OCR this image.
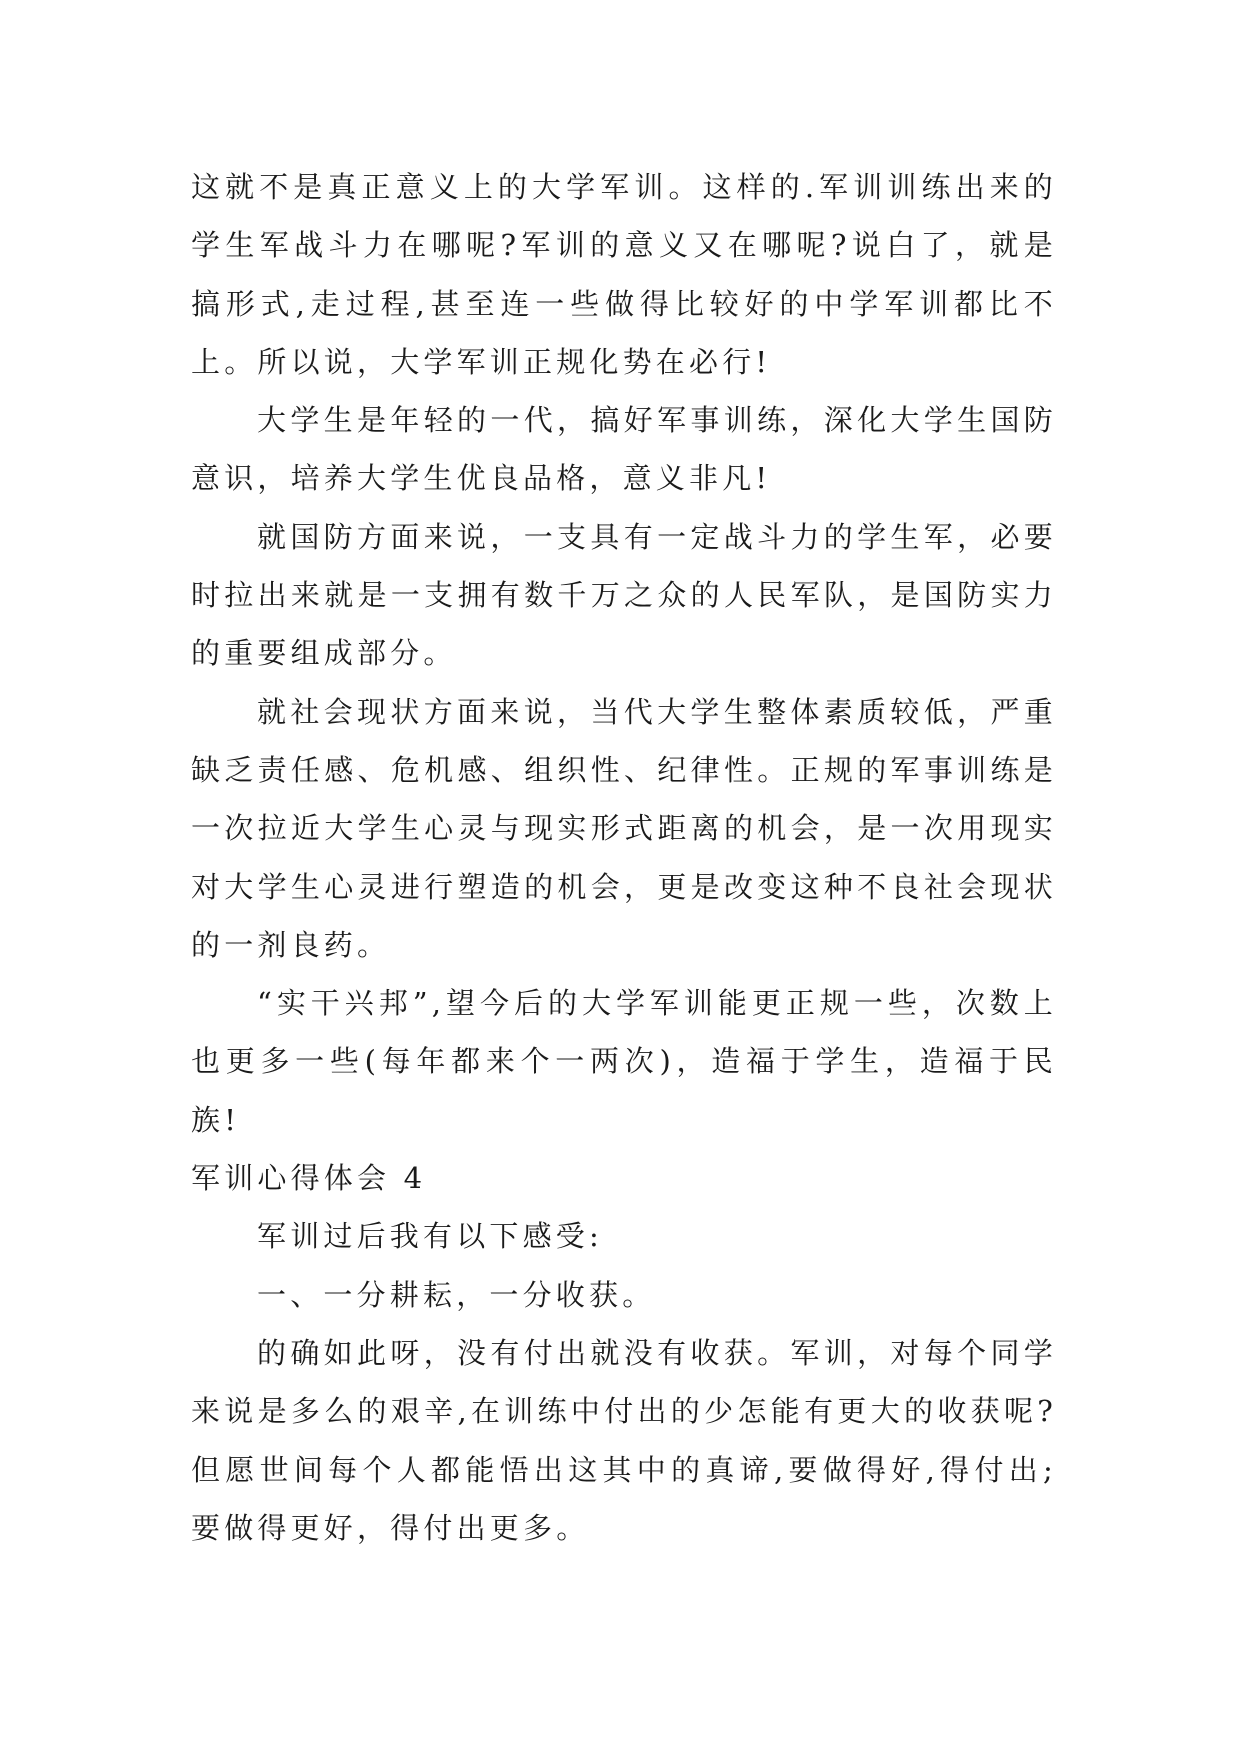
这就不是真正意义上的大学军训。这样的.军训训练出来的学生军战斗力在哪呢?军训的意义又在哪呢?说白了，就是搞形式,走过程,甚至连一些做得比较好的中学军训都比不上。所以说，大学军训正规化势在必行!

大学生是年轻的一代，搞好军事训练，深化大学生国防意识，培养大学生优良品格，意义非凡!

就国防方面来说，一支具有一定战斗力的学生军，必要时拉出来就是一支拥有数千万之众的人民军队，是国防实力的重要组成部分。

就社会现状方面来说，当代大学生整体素质较低，严重缺乏责任感、危机感、组织性、纪律性。正规的军事训练是一次拉近大学生心灵与现实形式距离的机会，是一次用现实对大学生心灵进行塑造的机会，更是改变这种不良社会现状的一剂良药。

“实干兴邦”,望今后的大学军训能更正规一些，次数上也更多一些(每年都来个一两次)，造福于学生，造福于民族!

军训心得体会 4

军训过后我有以下感受:

一、一分耕耘，一分收获。

的确如此呀，没有付出就没有收获。军训，对每个同学来说是多么的艰辛,在训练中付出的少怎能有更大的收获呢?但愿世间每个人都能悟出这其中的真谛,要做得好,得付出;要做得更好，得付出更多。
